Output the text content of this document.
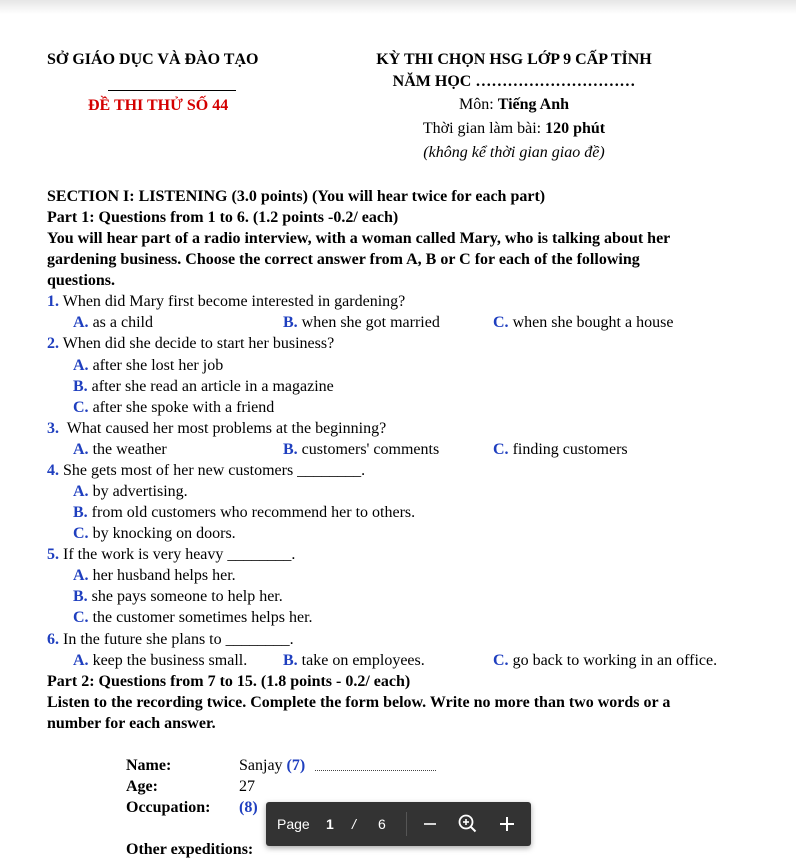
SỞ GIÁO DỤC VÀ ĐÀO TẠO
ĐỀ THI THỬ SỐ 44
KỲ THI CHỌN HSG LỚP 9 CẤP TỈNH
NĂM HỌC …………………………
Môn: Tiếng Anh
Thời gian làm bài: 120 phút
(không kể thời gian giao đề)
SECTION I: LISTENING (3.0 points) (You will hear twice for each part)
Part 1: Questions from 1 to 6. (1.2 points -0.2/ each)
You will hear part of a radio interview, with a woman called Mary, who is talking about her
gardening business. Choose the correct answer from A, B or C for each of the following
questions.
1. When did Mary first become interested in gardening?
A. as a child	B. when she got married	C. when she bought a house
2. When did she decide to start her business?
A. after she lost her job
B. after she read an article in a magazine
C. after she spoke with a friend
3.  What caused her most problems at the beginning?
A. the weather	B. customers' comments	C. finding customers
4. She gets most of her new customers ________.
A. by advertising.
B. from old customers who recommend her to others.
C. by knocking on doors.
5. If the work is very heavy ________.
A. her husband helps her.
B. she pays someone to help her.
C. the customer sometimes helps her.
6. In the future she plans to ________.
A. keep the business small. B. take on employees.	C. go back to working in an office.
Part 2: Questions from 7 to 15. (1.8 points - 0.2/ each)
Listen to the recording twice. Complete the form below. Write no more than two words or a
number for each answer.
Name:	Sanjay (7)
Age:	27
Occupation: (8)
Other expeditions:
Page 1 / 6
